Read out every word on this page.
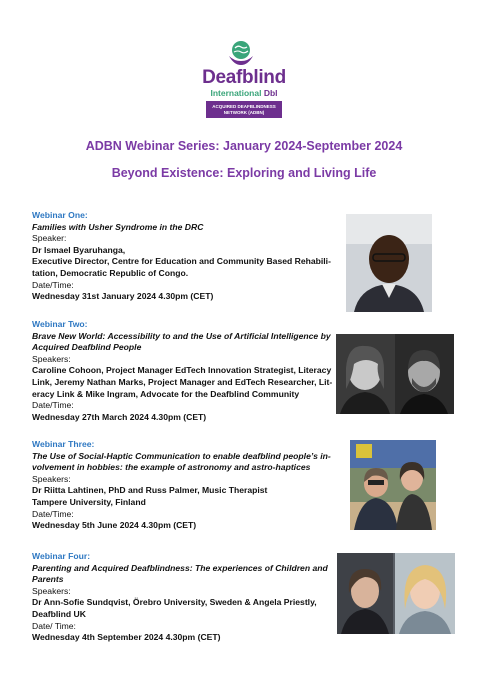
Deafblind
International Dbl
ACQUIRED DEAFBLINDNESS NETWORK (ADBN)
ADBN Webinar Series: January 2024-September 2024
Beyond Existence: Exploring and Living Life
Webinar One:
Families with Usher Syndrome in the DRC
Speaker:
Dr Ismael Byaruhanga,
Executive Director, Centre for Education and Community Based Rehabili-
tation, Democratic Republic of Congo.
Date/Time:
Wednesday 31st January 2024 4.30pm (CET)
Webinar Two:
Brave New World: Accessibility to and the Use of Artificial Intelligence by
Acquired Deafblind People
Speakers:
Caroline Cohoon, Project Manager EdTech Innovation Strategist, Literacy
Link, Jeremy Nathan Marks, Project Manager and EdTech Researcher, Lit-
eracy Link & Mike Ingram, Advocate for the Deafblind Community
Date/Time:
Wednesday 27th March 2024 4.30pm (CET)
Webinar Three:
The Use of Social-Haptic Communication to enable deafblind people’s in-
volvement in hobbies: the example of astronomy and astro-haptices
Speakers:
Dr Riitta Lahtinen, PhD and Russ Palmer, Music Therapist
Tampere University, Finland
Date/Time:
Wednesday 5th June 2024 4.30pm (CET)
Webinar Four:
Parenting and Acquired Deafblindness: The experiences of Children and
Parents
Speakers:
Dr Ann-Sofie Sundqvist, Örebro University, Sweden & Angela Priestly,
Deafblind UK
Date/ Time:
Wednesday 4th September 2024 4.30pm (CET)
